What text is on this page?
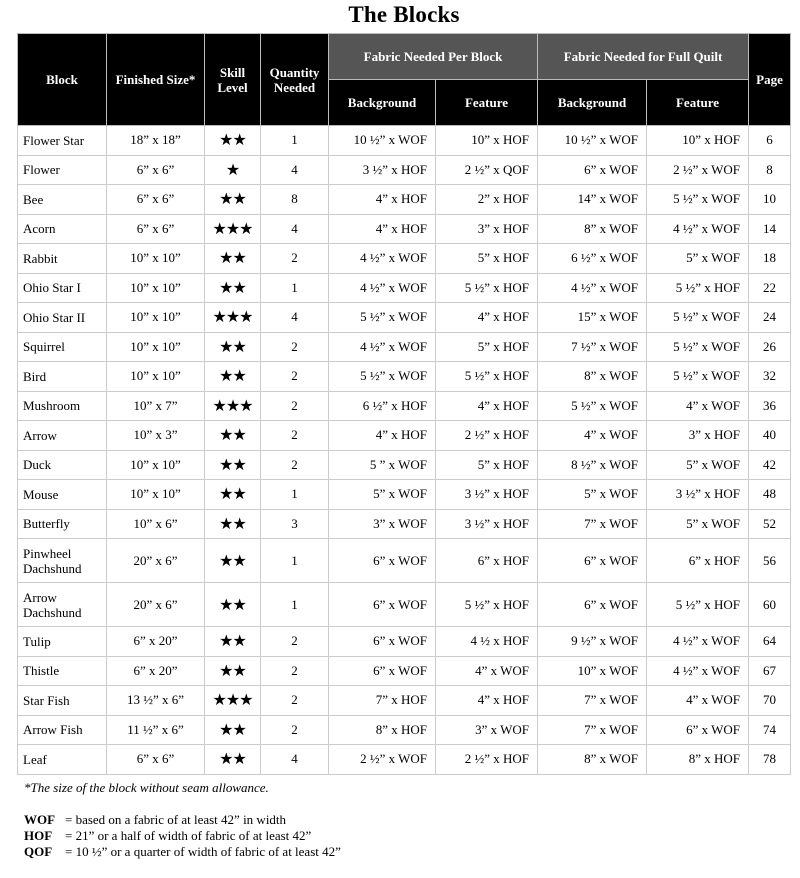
The Blocks
Block	Finished Size*	Skill Level	Quantity Needed	Fabric Needed Per Block		Fabric Needed for Full Quilt		Page
				Background	Feature	Background	Feature	
Flower Star	18” x 18”	★★	1	10 ½” x WOF	10” x HOF	10 ½” x WOF	10” x HOF	6
Flower	6” x 6”	★	4	3 ½” x HOF	2 ½” x QOF	6” x WOF	2 ½” x WOF	8
Bee	6” x 6”	★★	8	4” x HOF	2” x HOF	14” x WOF	5 ½” x WOF	10
Acorn	6” x 6”	★★★	4	4” x HOF	3” x HOF	8” x WOF	4 ½” x WOF	14
Rabbit	10” x 10”	★★	2	4 ½” x WOF	5” x HOF	6 ½” x WOF	5” x WOF	18
Ohio Star I	10” x 10”	★★	1	4 ½” x WOF	5 ½” x HOF	4 ½” x WOF	5 ½” x HOF	22
Ohio Star II	10” x 10”	★★★	4	5 ½” x WOF	4” x HOF	15” x WOF	5 ½” x WOF	24
Squirrel	10” x 10”	★★	2	4 ½” x WOF	5” x HOF	7 ½” x WOF	5 ½” x WOF	26
Bird	10” x 10”	★★	2	5 ½” x WOF	5 ½” x HOF	8” x WOF	5 ½” x WOF	32
Mushroom	10” x 7”	★★★	2	6 ½” x HOF	4” x HOF	5 ½” x WOF	4” x WOF	36
Arrow	10” x 3”	★★	2	4” x HOF	2 ½” x HOF	4” x WOF	3” x HOF	40
Duck	10” x 10”	★★	2	5 ” x WOF	5” x HOF	8 ½” x WOF	5” x WOF	42
Mouse	10” x 10”	★★	1	5” x WOF	3 ½” x HOF	5” x WOF	3 ½” x HOF	48
Butterfly	10” x 6”	★★	3	3” x WOF	3 ½” x HOF	7” x WOF	5” x WOF	52
Pinwheel Dachshund	20” x 6”	★★	1	6” x WOF	6” x HOF	6” x WOF	6” x HOF	56
Arrow Dachshund	20” x 6”	★★	1	6” x WOF	5 ½” x HOF	6” x WOF	5 ½” x HOF	60
Tulip	6” x 20”	★★	2	6” x WOF	4 ½ x HOF	9 ½” x WOF	4 ½” x WOF	64
Thistle	6” x 20”	★★	2	6” x WOF	4” x WOF	10” x WOF	4 ½” x WOF	67
Star Fish	13 ½” x 6”	★★★	2	7” x HOF	4” x HOF	7” x WOF	4” x WOF	70
Arrow Fish	11 ½” x 6”	★★	2	8” x HOF	3” x WOF	7” x WOF	6” x WOF	74
Leaf	6” x 6”	★★	4	2 ½” x WOF	2 ½” x HOF	8” x WOF	8” x HOF	78
*The size of the block without seam allowance.
WOF = based on a fabric of at least 42” in width
HOF = 21” or a half of width of fabric of at least 42”
QOF = 10 ½” or a quarter of width of fabric of at least 42”
